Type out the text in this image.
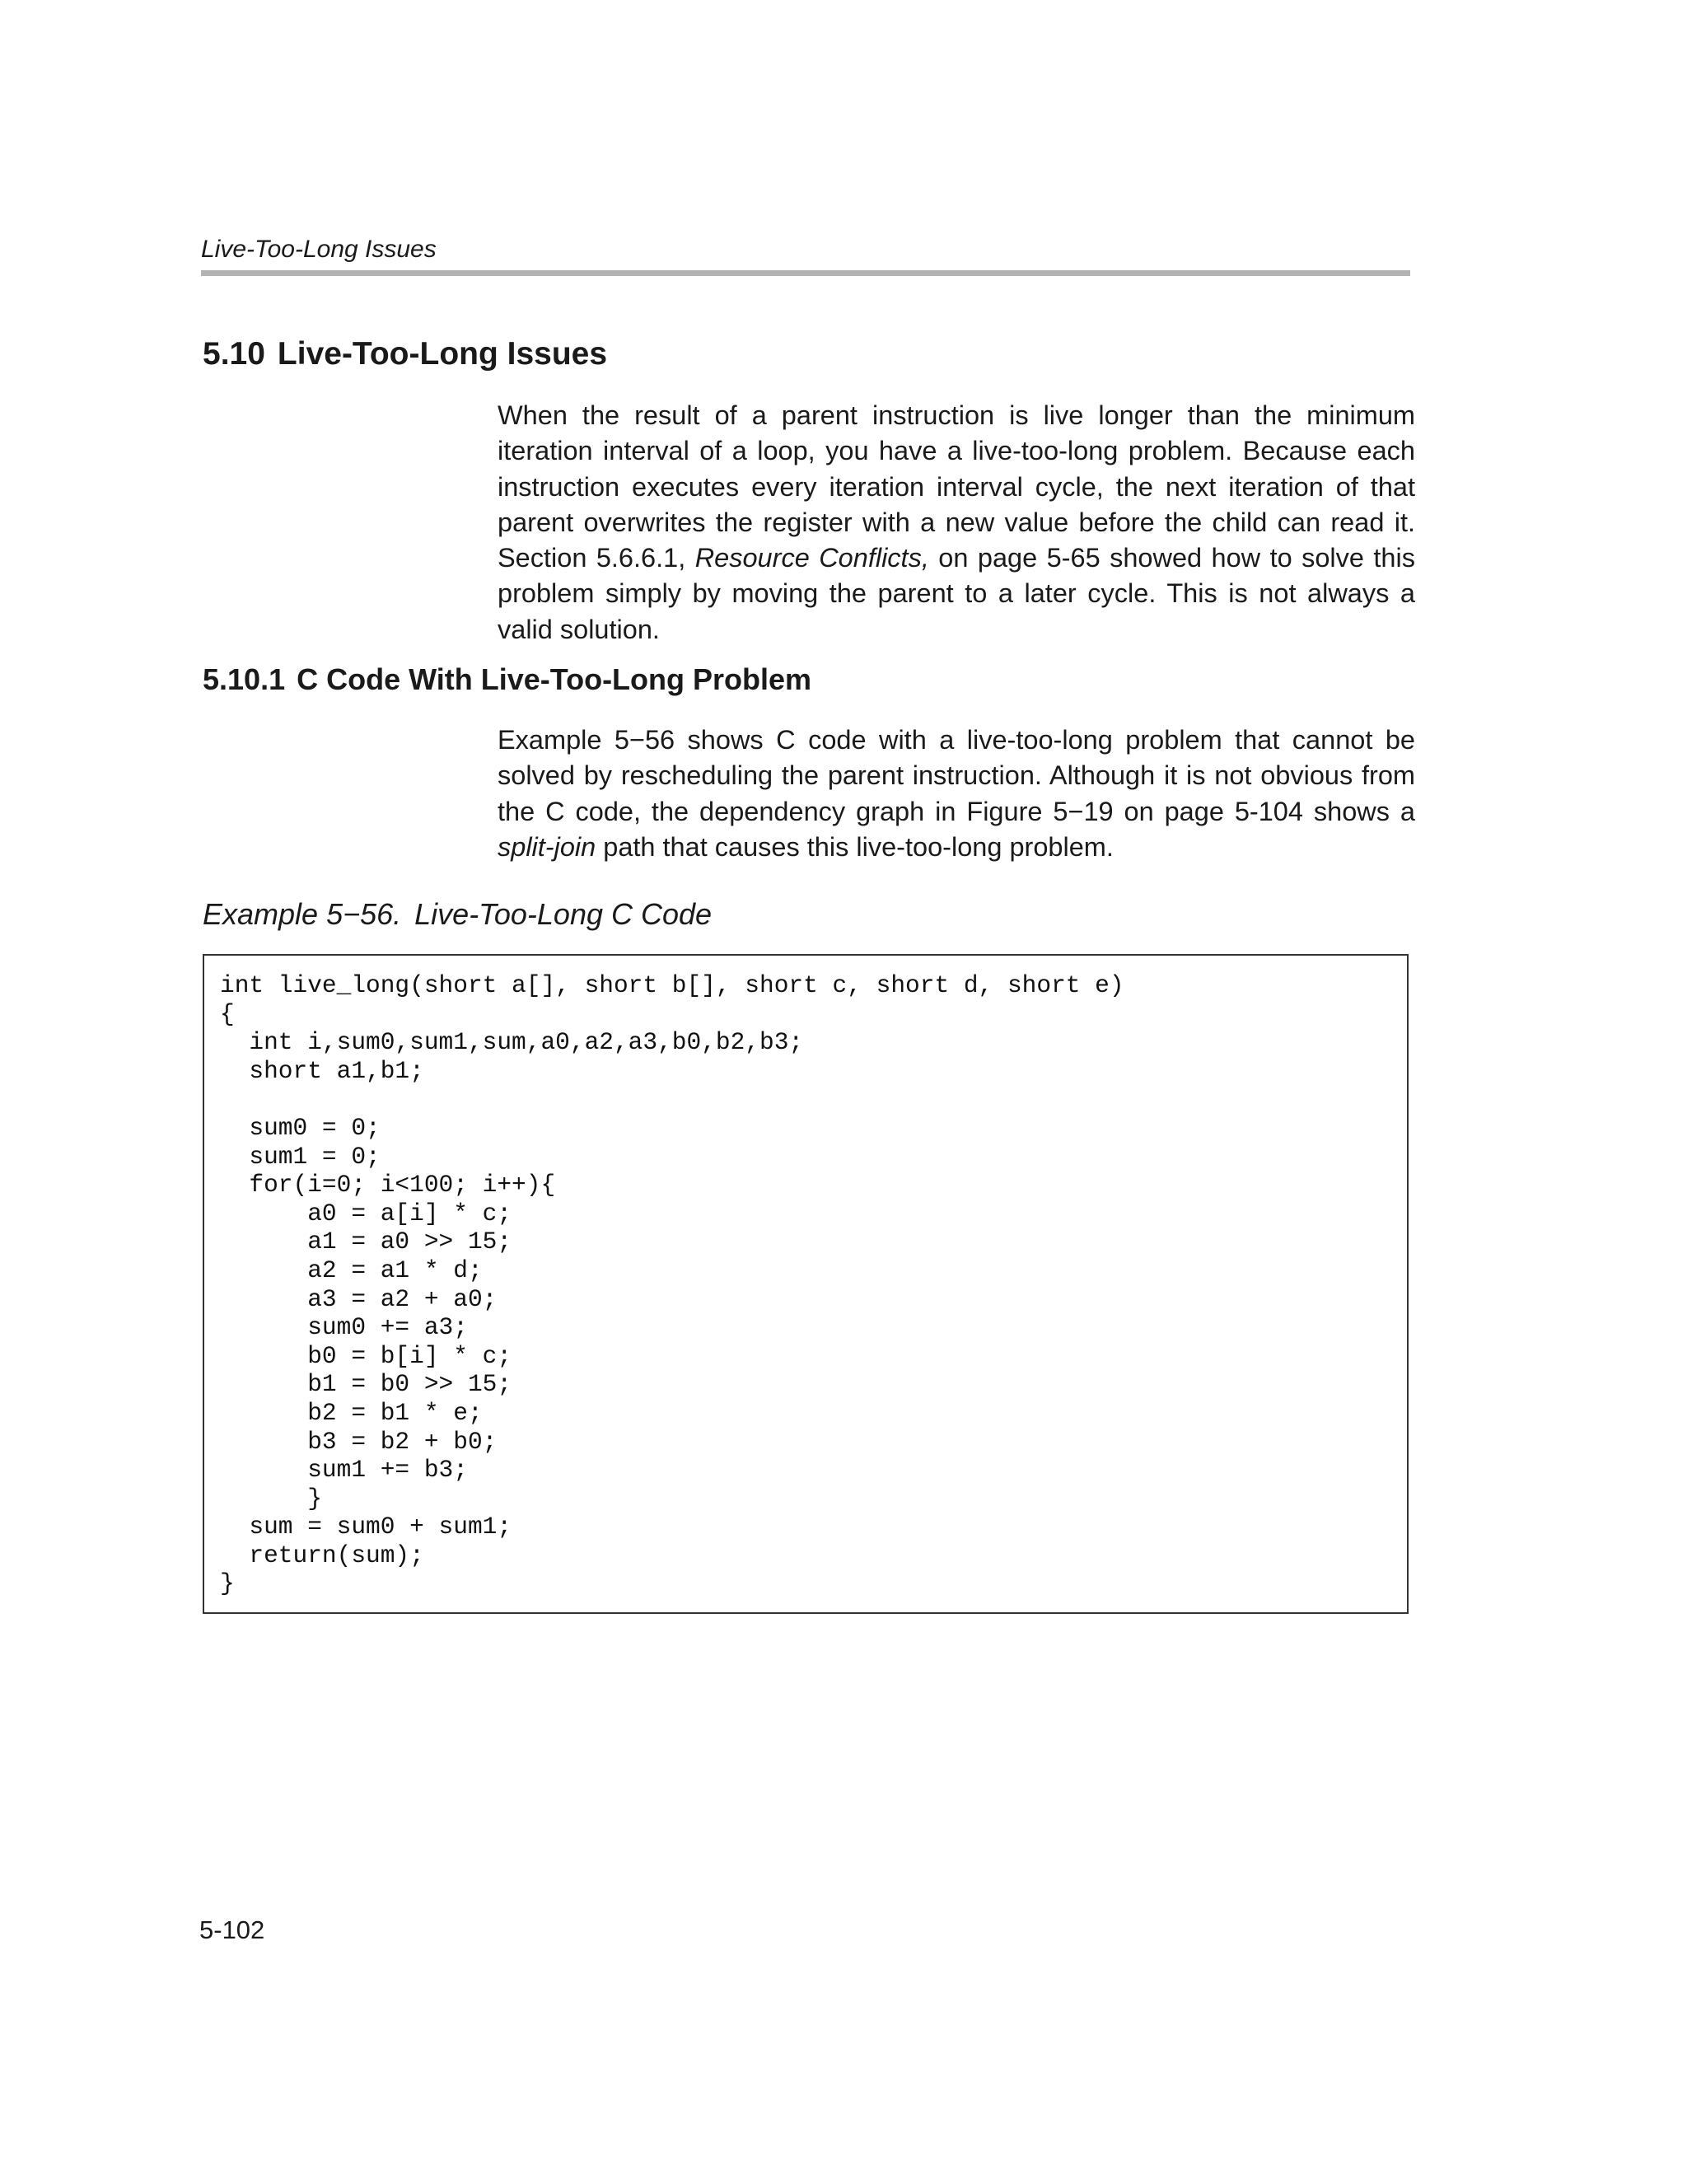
Live-Too-Long Issues
5.10 Live-Too-Long Issues

When the result of a parent instruction is live longer than the minimum iteration interval of a loop, you have a live-too-long problem. Because each instruction executes every iteration interval cycle, the next iteration of that parent overwrites the register with a new value before the child can read it. Section 5.6.6.1, Resource Conflicts, on page 5-65 showed how to solve this problem simply by moving the parent to a later cycle. This is not always a valid solution.

5.10.1 C Code With Live-Too-Long Problem

Example 5−56 shows C code with a live-too-long problem that cannot be solved by rescheduling the parent instruction. Although it is not obvious from the C code, the dependency graph in Figure 5−19 on page 5-104 shows a split-join path that causes this live-too-long problem.

Example 5−56. Live-Too-Long C Code
int live_long(short a[], short b[], short c, short d, short e)
{
int i,sum0,sum1,sum,a0,a2,a3,b0,b2,b3;
short a1,b1;

sum0 = 0;
sum1 = 0;
for(i=0; i<100; i++){
a0 = a[i] * c;
a1 = a0 >> 15;
a2 = a1 * d;
a3 = a2 + a0;
sum0 += a3;
b0 = b[i] * c;
b1 = b0 >> 15;
b2 = b1 * e;
b3 = b2 + b0;
sum1 += b3;
}
sum = sum0 + sum1;
return(sum);
}
5-102
